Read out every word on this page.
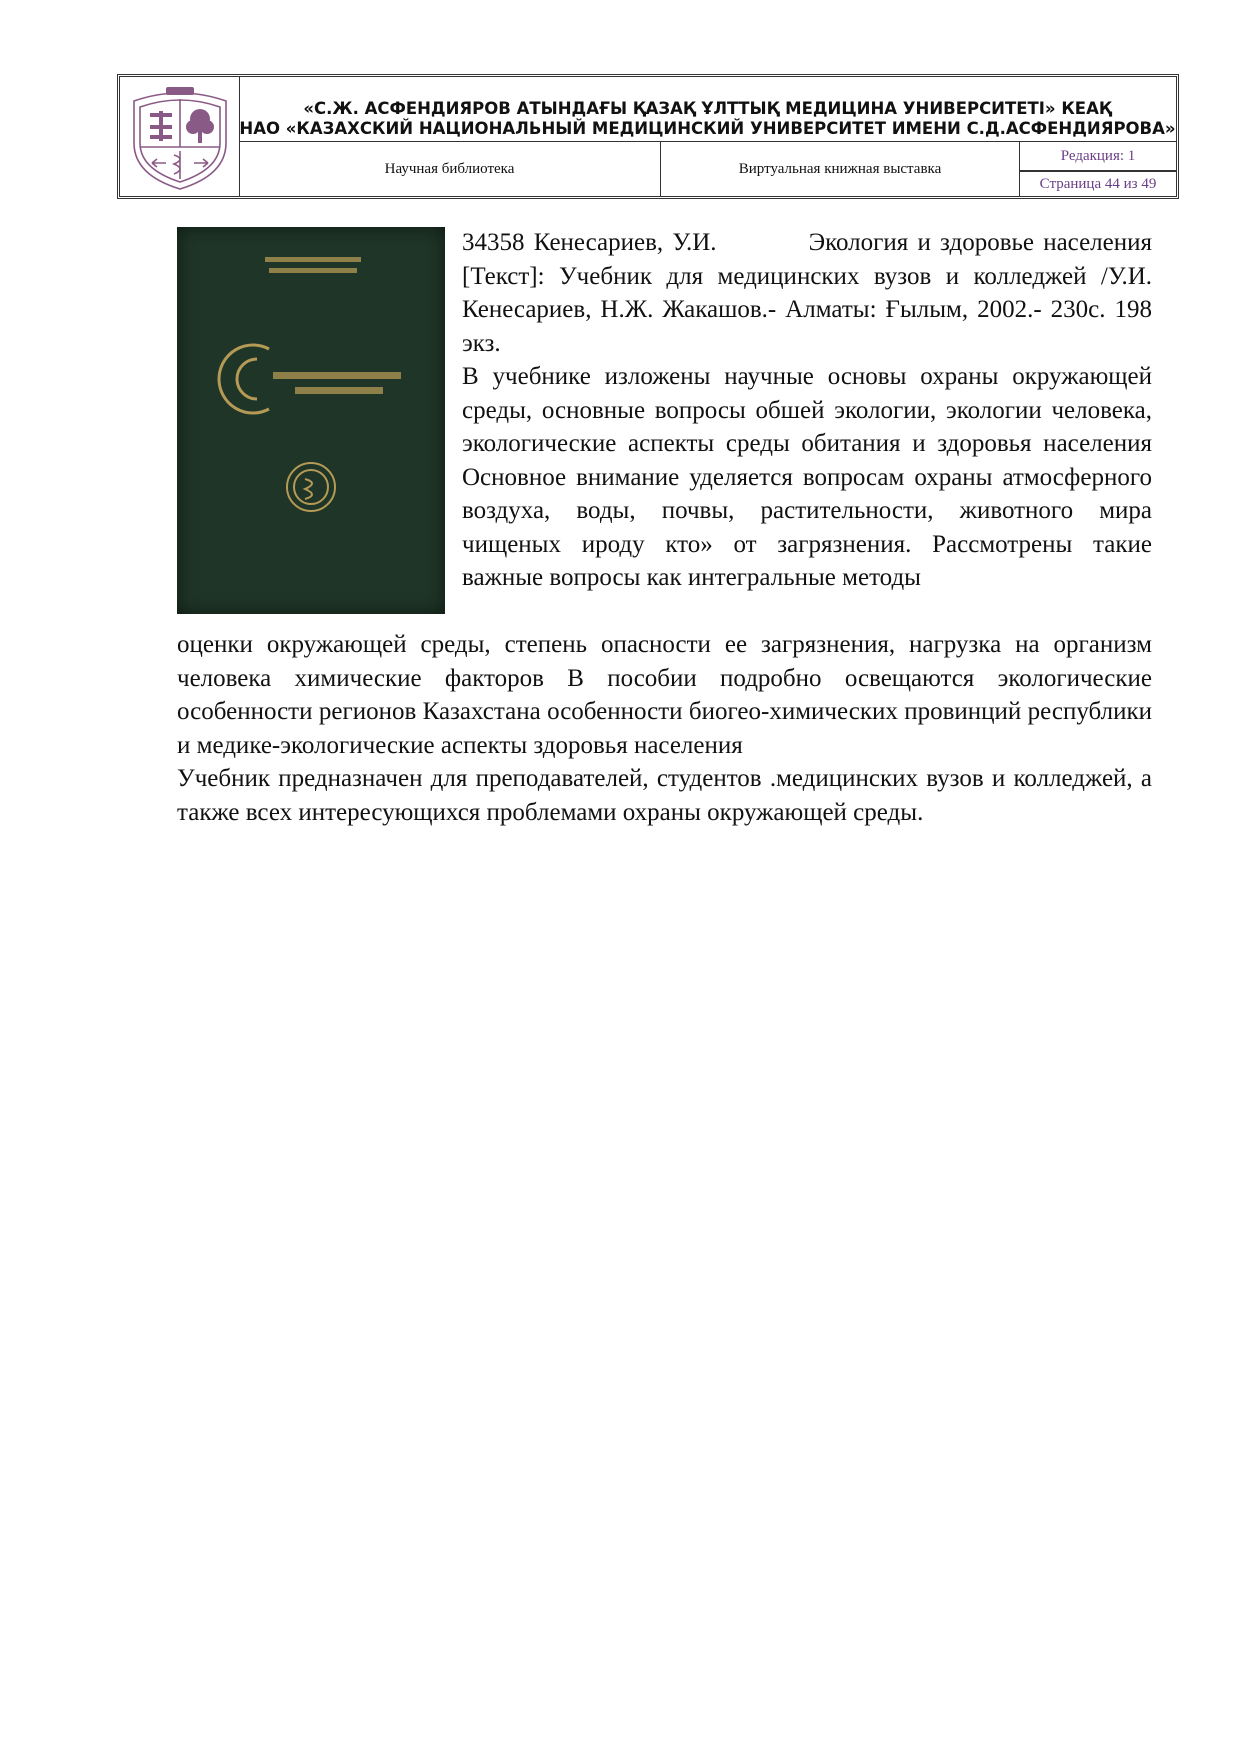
«С.Ж. АСФЕНДИЯРОВ АТЫНДАҒЫ ҚАЗАҚ ҰЛТТЫҚ МЕДИЦИНА УНИВЕРСИТЕТІ» КЕАҚ
НАО «КАЗАХСКИЙ НАЦИОНАЛЬНЫЙ МЕДИЦИНСКИЙ УНИВЕРСИТЕТ ИМЕНИ С.Д.АСФЕНДИЯРОВА»
Научная библиотека	Виртуальная книжная выставка
Редакция: 1
Страница 44 из 49

34358 Кенесариев, У.И.	Экология и здоровье населения [Текст]: Учебник для медицинских вузов и колледжей /У.И. Кенесариев, Н.Ж. Жакашов.- Алматы: Ғылым, 2002.- 230с. 198 экз.

В учебнике изложены научные основы охраны окружающей среды, основные вопросы обшей экологии, экологии человека, экологические аспекты среды обитания и здоровья населения Основное внимание уделяется вопросам охраны атмосферного воздуха, воды, почвы, растительности, животного мира чищеных ироду кто» от загрязнения. Рассмотрены такие важные вопросы как интегральные методы

оценки окружающей среды, степень опасности ее загрязнения, нагрузка на организм человека химические факторов В пособии подробно освещаются экологические особенности регионов Казахстана особенности биогео-химических провинций республики и медике-экологические аспекты здоровья населения

Учебник предназначен для преподавателей, студентов .медицинских вузов и колледжей, а также всех интересующихся проблемами охраны окружающей среды.
